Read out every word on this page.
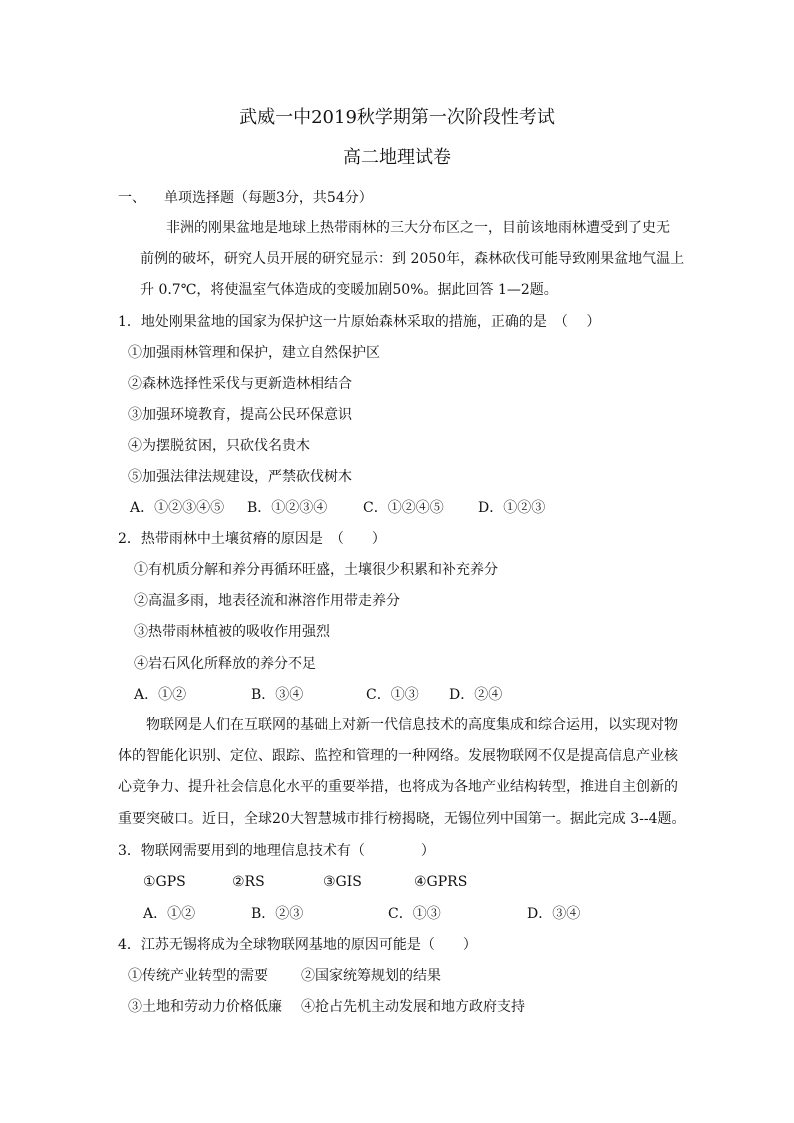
武威一中2019秋学期第一次阶段性考试
高二地理试卷
一、 单项选择题（每题3分，共54分）
非洲的刚果盆地是地球上热带雨林的三大分布区之一，目前该地雨林遭受到了史无
前例的破坏，研究人员开展的研究显示：到 2050年，森林砍伐可能导致刚果盆地气温上
升 0.7℃，将使温室气体造成的变暖加剧50%。据此回答 1—2题。
1．地处刚果盆地的国家为保护这一片原始森林采取的措施，正确的是　（　 ）
①加强雨林管理和保护，建立自然保护区
②森林选择性采伐与更新造林相结合
③加强环境教育，提高公民环保意识
④为摆脱贫困，只砍伐名贵木
⑤加强法律法规建设，严禁砍伐树木
A．①②③④⑤ B．①②③④	C．①②④⑤ D．①②③
2．热带雨林中土壤贫瘠的原因是　（　　）
①有机质分解和养分再循环旺盛，土壤很少积累和补充养分
②高温多雨，地表径流和淋溶作用带走养分
③热带雨林植被的吸收作用强烈
④岩石风化所释放的养分不足
A．①②	B．③④	C．①③ D．②④
物联网是人们在互联网的基础上对新一代信息技术的高度集成和综合运用，以实现对物
体的智能化识别、定位、跟踪、监控和管理的一种网络。发展物联网不仅是提高信息产业核
心竞争力、提升社会信息化水平的重要举措，也将成为各地产业结构转型，推进自主创新的
重要突破口。近日，全球20大智慧城市排行榜揭晓，无锡位列中国第一。据此完成 3--4题。
3．物联网需要用到的地理信息技术有（　　　　）
①GPS	②RS	③GIS	④GPRS
A．①②	B．②③	C．①③	D．③④
4．江苏无锡将成为全球物联网基地的原因可能是（　　）
①传统产业转型的需要 ②国家统筹规划的结果
③土地和劳动力价格低廉 ④抢占先机主动发展和地方政府支持
